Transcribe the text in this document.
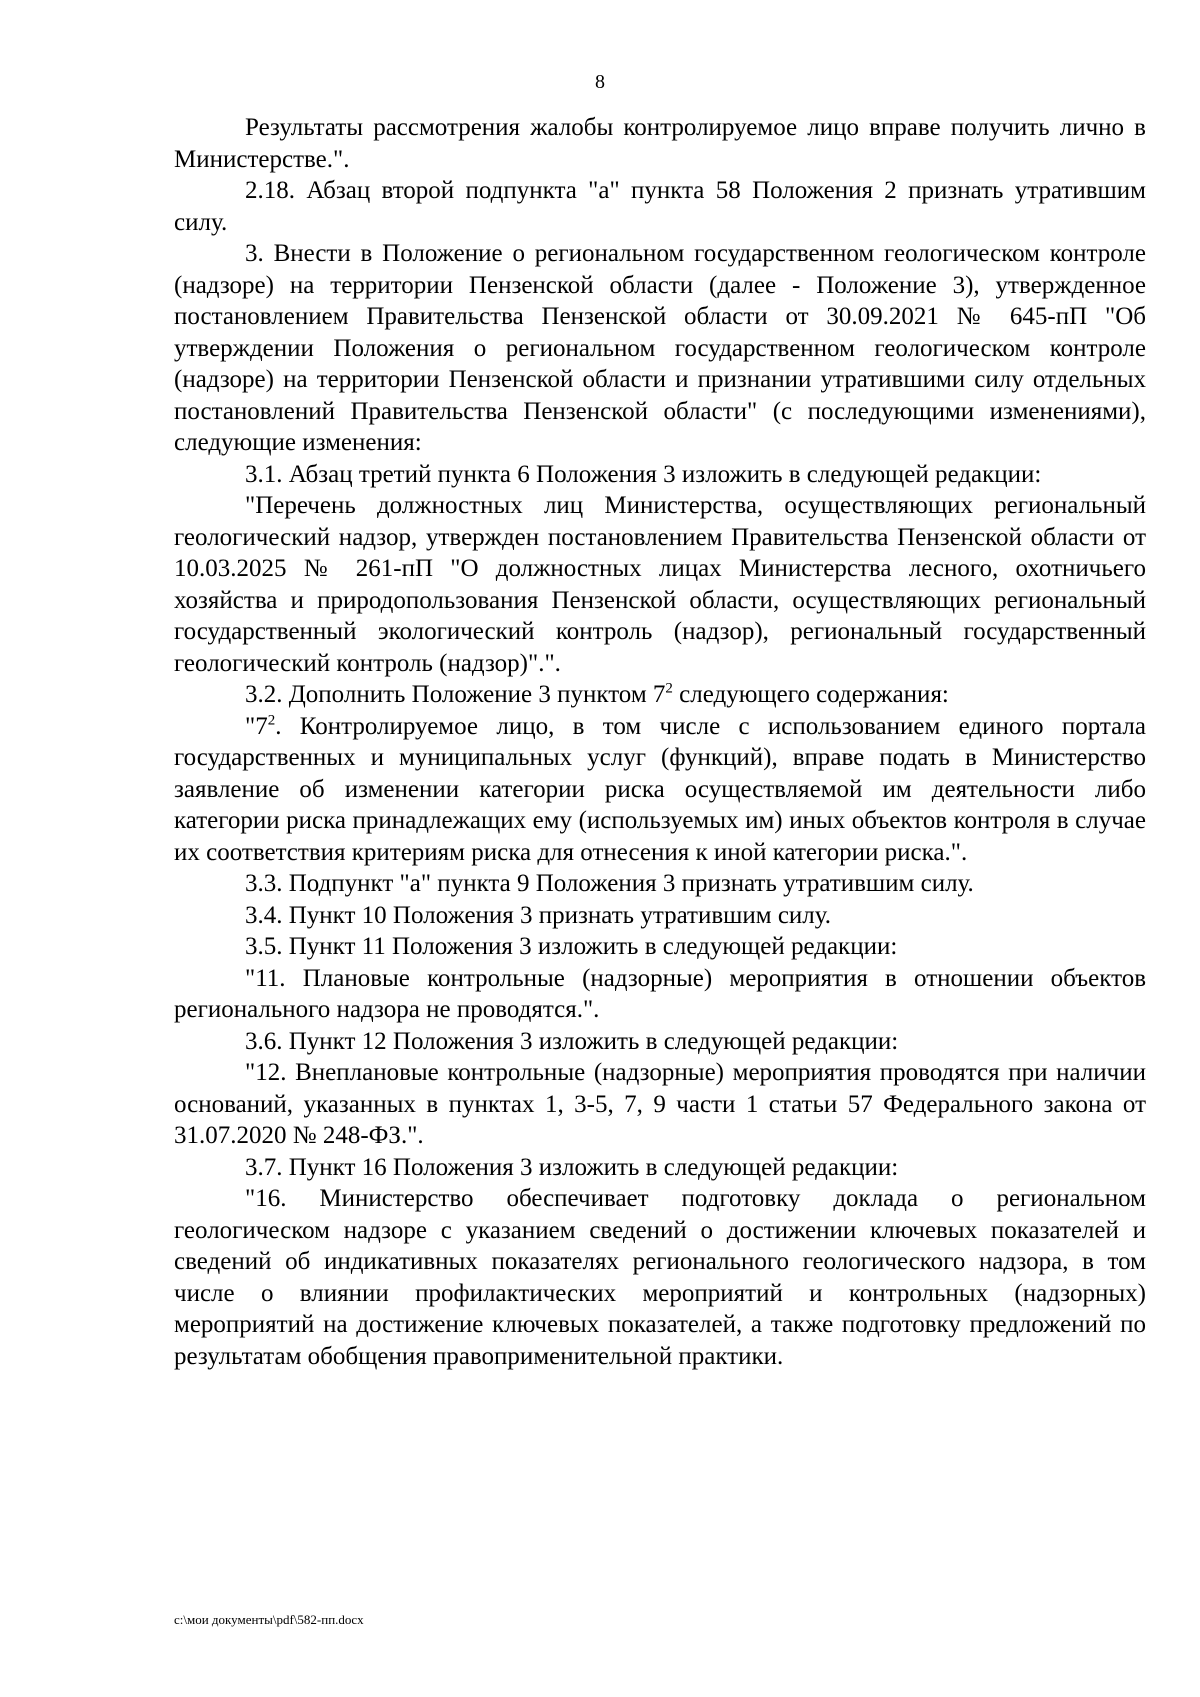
8

Результаты рассмотрения жалобы контролируемое лицо вправе получить лично в Министерстве.".

2.18. Абзац второй подпункта "а" пункта 58 Положения 2 признать утратившим силу.

3. Внести в Положение о региональном государственном геологическом контроле (надзоре) на территории Пензенской области (далее - Положение 3), утвержденное постановлением Правительства Пензенской области от 30.09.2021 № 645-пП "Об утверждении Положения о региональном государственном геологическом контроле (надзоре) на территории Пензенской области и признании утратившими силу отдельных постановлений Правительства Пензенской области" (с последующими изменениями), следующие изменения:

3.1. Абзац третий пункта 6 Положения 3 изложить в следующей редакции:

"Перечень должностных лиц Министерства, осуществляющих региональный геологический надзор, утвержден постановлением Правительства Пензенской области от 10.03.2025 № 261-пП "О должностных лицах Министерства лесного, охотничьего хозяйства и природопользования Пензенской области, осуществляющих региональный государственный экологический контроль (надзор), региональный государственный геологический контроль (надзор)".".

3.2. Дополнить Положение 3 пунктом $7^2$ следующего содержания:

"$7^2$. Контролируемое лицо, в том числе с использованием единого портала государственных и муниципальных услуг (функций), вправе подать в Министерство заявление об изменении категории риска осуществляемой им деятельности либо категории риска принадлежащих ему (используемых им) иных объектов контроля в случае их соответствия критериям риска для отнесения к иной категории риска.".

3.3. Подпункт "а" пункта 9 Положения 3 признать утратившим силу.

3.4. Пункт 10 Положения 3 признать утратившим силу.

3.5. Пункт 11 Положения 3 изложить в следующей редакции:

"11. Плановые контрольные (надзорные) мероприятия в отношении объектов регионального надзора не проводятся.".

3.6. Пункт 12 Положения 3 изложить в следующей редакции:

"12. Внеплановые контрольные (надзорные) мероприятия проводятся при наличии оснований, указанных в пунктах 1, 3-5, 7, 9 части 1 статьи 57 Федерального закона от 31.07.2020 № 248-ФЗ.".

3.7. Пункт 16 Положения 3 изложить в следующей редакции:

"16. Министерство обеспечивает подготовку доклада о региональном геологическом надзоре с указанием сведений о достижении ключевых показателей и сведений об индикативных показателях регионального геологического надзора, в том числе о влиянии профилактических мероприятий и контрольных (надзорных) мероприятий на достижение ключевых показателей, а также подготовку предложений по результатам обобщения правоприменительной практики.

c:\мои документы\pdf\582-пп.docx
